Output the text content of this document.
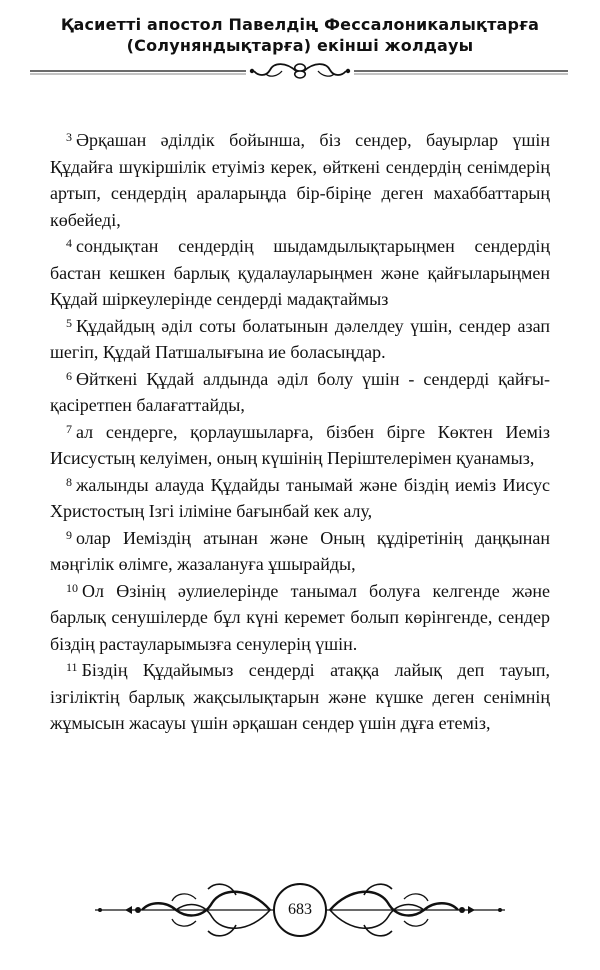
Қасиетті апостол Павелдің Фессалоникалықтарға

(Солуняндықтарға) екінші жолдауы

$^3$ Әрқашан әділдік бойынша, біз сендер, бауырлар үшін Құдайға шүкіршілік етуіміз керек, өйткені сендердің сенімдерің артып, сендердің араларыңда бір-біріңе деген махаббаттарың көбейеді,

$^4$ сондықтан сендердің шыдамдылықтарыңмен сендердің бастан кешкен барлық қудалауларыңмен және қайғыларыңмен Құдай шіркеулерінде сендерді мадақтаймыз

$^5$ Құдайдың әділ соты болатынын дәлелдеу үшін, сендер азап шегіп, Құдай Патшалығына ие боласыңдар.

$^6$ Өйткені Құдай алдында әділ болу үшін - сендерді қайғы-қасіретпен балағаттайды,

$^7$ ал сендерге, қорлаушыларға, бізбен бірге Көктен Иеміз Исисустың келуімен, оның күшінің Періштелерімен қуанамыз,

$^8$ жалынды алауда Құдайды танымай және біздің иеміз Иисус Христостың Ізгі іліміне бағынбай кек алу,

$^9$ олар Иеміздің атынан және Оның құдіретінің даңқынан мәңгілік өлімге, жазалануға ұшырайды,

$^{10}$ Ол Өзінің әулиелерінде танымал болуға келгенде және барлық сенушілерде бұл күні керемет болып көрінгенде, сендер біздің растауларымызға сенулерің үшін.

$^{11}$ Біздің Құдайымыз сендерді атаққа лайық деп тауып, ізгіліктің барлық жақсылықтарын және күшке деген сенімнің жұмысын жасауы үшін әрқашан сендер үшін дұға етеміз,

683
